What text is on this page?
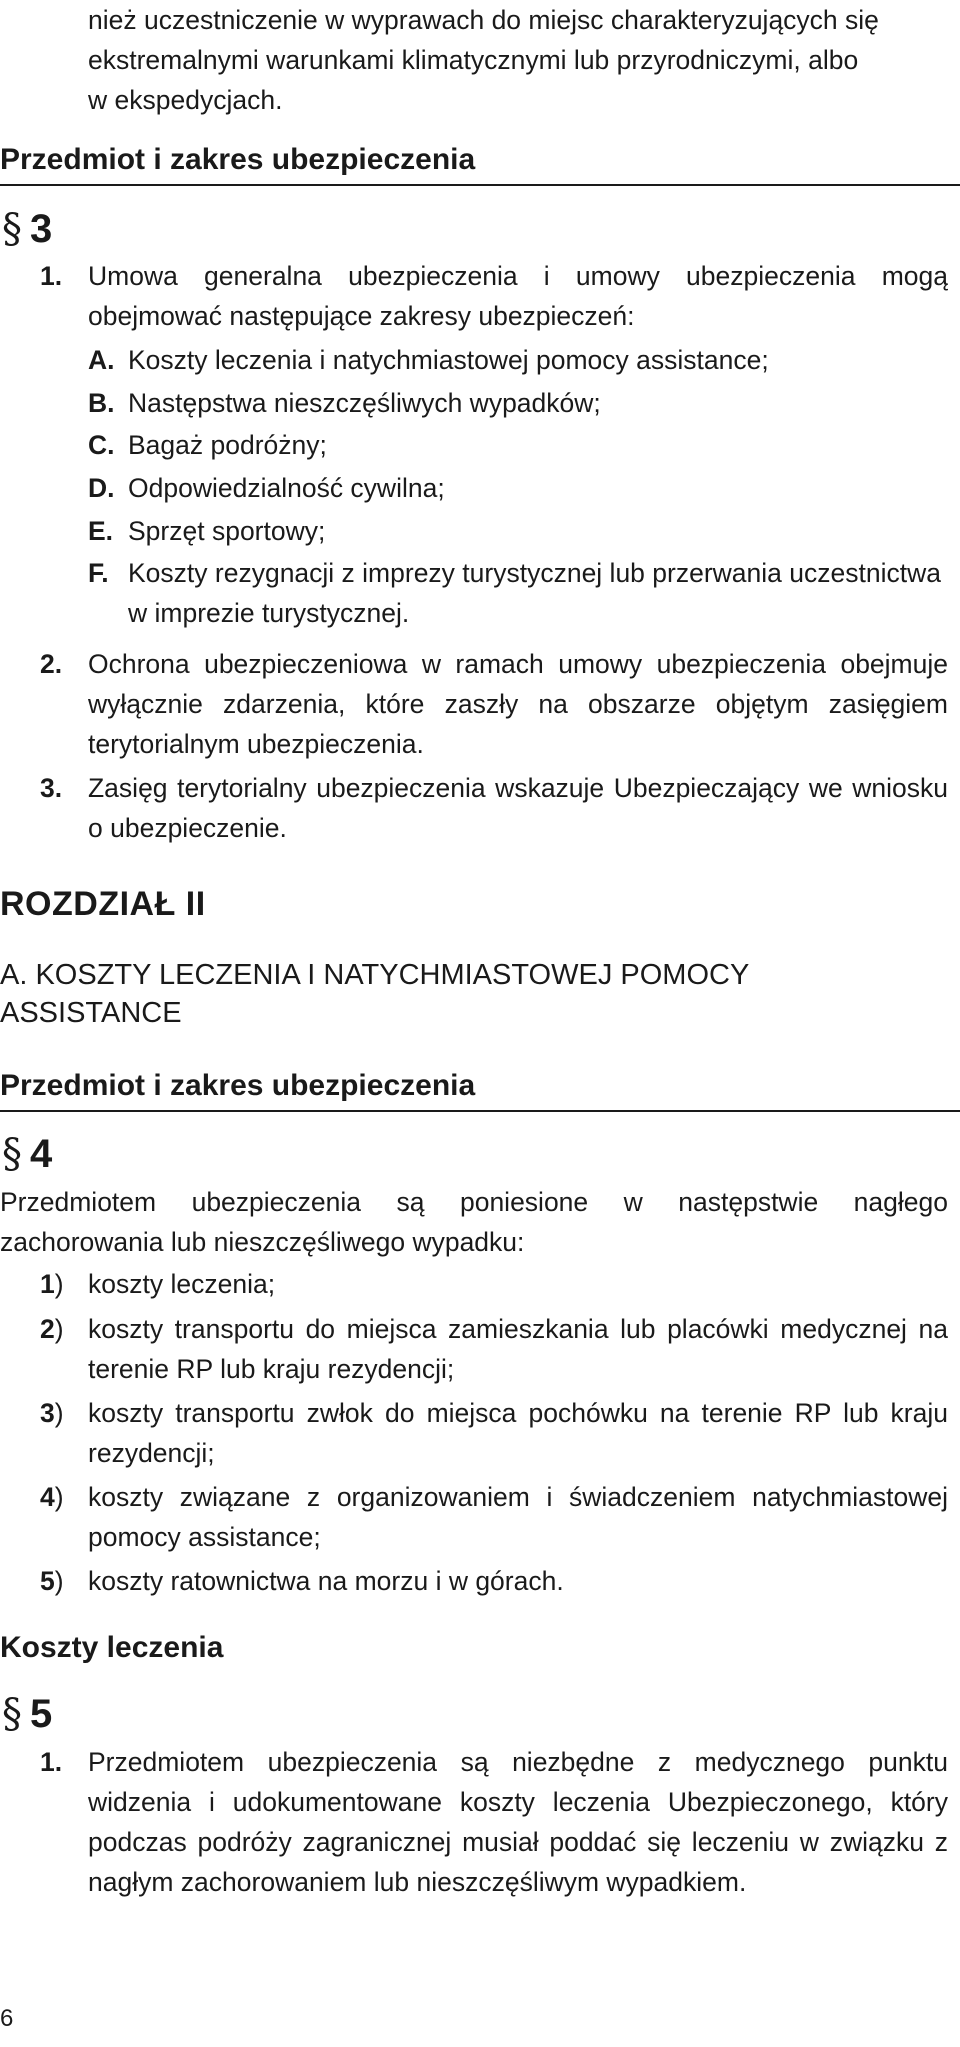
nież uczestniczenie w wyprawach do miejsc charakteryzujących się
ekstremalnymi warunkami klimatycznymi lub przyrodniczymi, albo
w ekspedycjach.
Przedmiot i zakres ubezpieczenia
§ 3
1. Umowa generalna ubezpieczenia i umowy ubezpieczenia mogą obejmować następujące zakresy ubezpieczeń:
A. Koszty leczenia i natychmiastowej pomocy assistance;
B. Następstwa nieszczęśliwych wypadków;
C. Bagaż podróżny;
D. Odpowiedzialność cywilna;
E. Sprzęt sportowy;
F. Koszty rezygnacji z imprezy turystycznej lub przerwania uczestnictwa w imprezie turystycznej.
2. Ochrona ubezpieczeniowa w ramach umowy ubezpieczenia obejmuje wyłącznie zdarzenia, które zaszły na obszarze objętym zasięgiem terytorialnym ubezpieczenia.
3. Zasięg terytorialny ubezpieczenia wskazuje Ubezpieczający we wniosku o ubezpieczenie.
ROZDZIAŁ II
A. KOSZTY LECZENIA I NATYCHMIASTOWEJ POMOCY ASSISTANCE
Przedmiot i zakres ubezpieczenia
§ 4
Przedmiotem ubezpieczenia są poniesione w następstwie nagłego zachorowania lub nieszczęśliwego wypadku:
1) koszty leczenia;
2) koszty transportu do miejsca zamieszkania lub placówki medycznej na terenie RP lub kraju rezydencji;
3) koszty transportu zwłok do miejsca pochówku na terenie RP lub kraju rezydencji;
4) koszty związane z organizowaniem i świadczeniem natychmiastowej pomocy assistance;
5) koszty ratownictwa na morzu i w górach.
Koszty leczenia
§ 5
1. Przedmiotem ubezpieczenia są niezbędne z medycznego punktu widzenia i udokumentowane koszty leczenia Ubezpieczonego, który podczas podróży zagranicznej musiał poddać się leczeniu w związku z nagłym zachorowaniem lub nieszczęśliwym wypadkiem.
6
